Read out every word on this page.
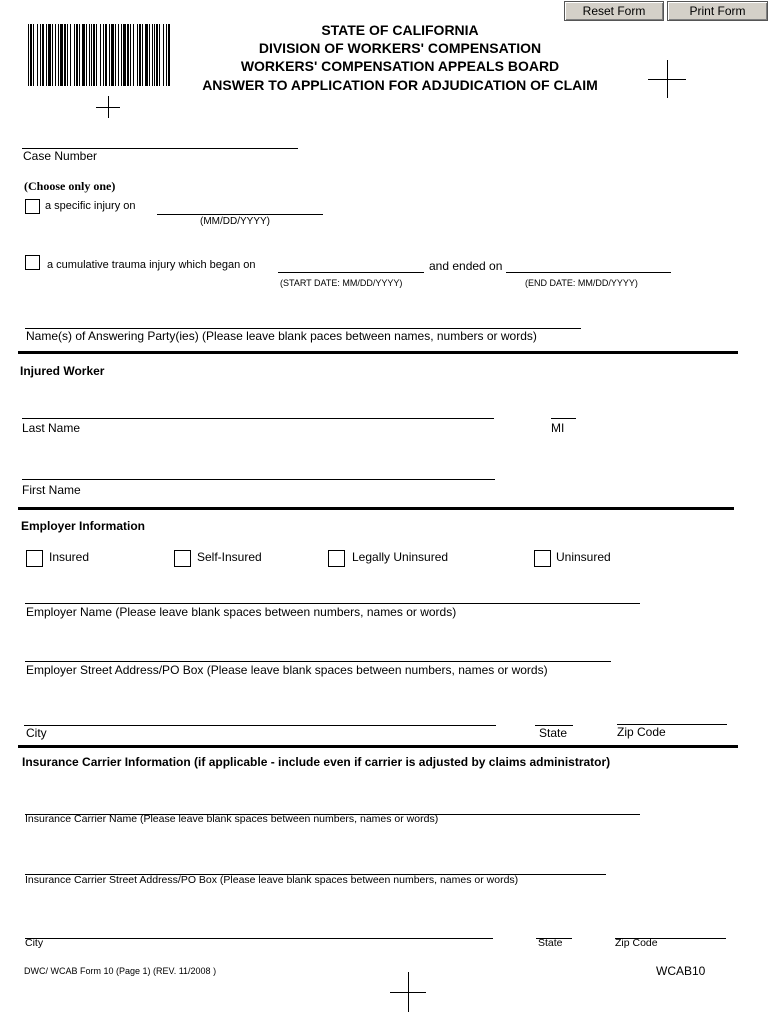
Reset Form	Print Form
STATE OF CALIFORNIA
DIVISION OF WORKERS' COMPENSATION
WORKERS' COMPENSATION APPEALS BOARD
ANSWER TO APPLICATION FOR ADJUDICATION OF CLAIM
Case Number
(Choose only one)
a specific injury on
(MM/DD/YYYY)
a cumulative trauma injury which began on	and ended on
(START DATE: MM/DD/YYYY)	(END DATE: MM/DD/YYYY)
Name(s) of Answering Party(ies) (Please leave blank paces between names, numbers or words)
Injured Worker
Last Name	MI
First Name
Employer Information
Insured	Self-Insured	Legally Uninsured	Uninsured
Employer Name (Please leave blank spaces between numbers, names or words)
Employer Street Address/PO Box (Please leave blank spaces between numbers, names or words)
City	State	Zip Code
Insurance Carrier Information (if applicable - include even if carrier is adjusted by claims administrator)
Insurance Carrier Name (Please leave blank spaces between numbers, names or words)
Insurance Carrier Street Address/PO Box (Please leave blank spaces between numbers, names or words)
City	State	Zip Code
DWC/ WCAB Form 10 (Page 1) (REV. 11/2008 )	WCAB10
